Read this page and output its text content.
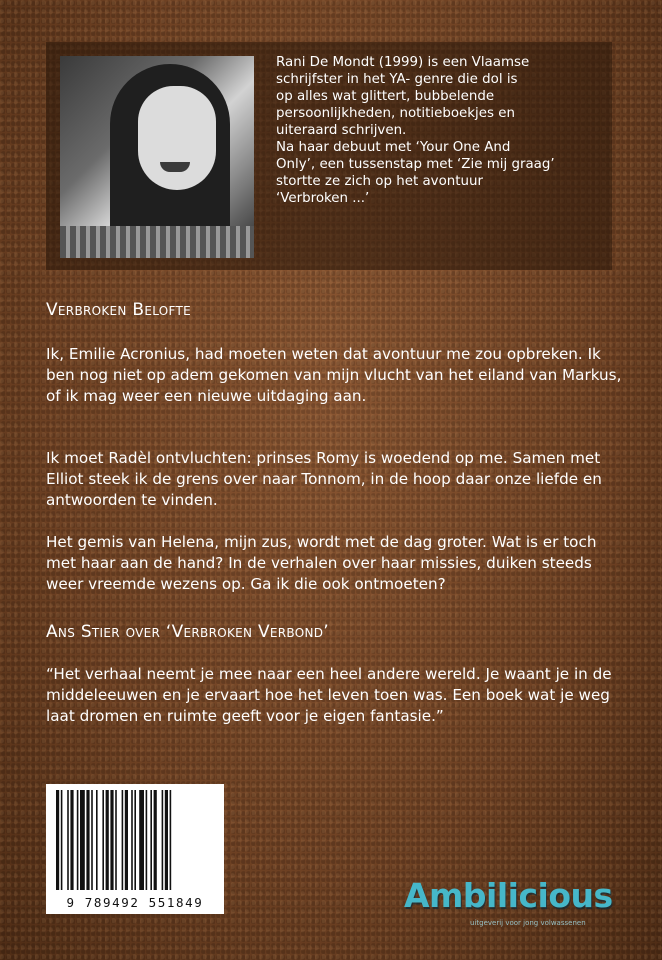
Rani De Mondt (1999) is een Vlaamse

schrijfster in het YA- genre die dol is

op alles wat glittert, bubbelende

persoonlijkheden, notitieboekjes en

uiteraard schrijven.

Na haar debuut met ‘Your One And

Only’, een tussenstap met ‘Zie mij graag’

stortte ze zich op het avontuur

‘Verbroken ...’

Verbroken Belofte

Ik, Emilie Acronius, had moeten weten dat avontuur me zou opbreken. Ik ben nog niet op adem gekomen van mijn vlucht van het eiland van Markus, of ik mag weer een nieuwe uitdaging aan.

Ik moet Radèl ontvluchten: prinses Romy is woedend op me. Samen met Elliot steek ik de grens over naar Tonnom, in de hoop daar onze liefde en antwoorden te vinden.

Het gemis van Helena, mijn zus, wordt met de dag groter. Wat is er toch met haar aan de hand? In de verhalen over haar missies, duiken steeds weer vreemde wezens op. Ga ik die ook ontmoeten?

Ans Stier over ‘Verbroken Verbond’

“Het verhaal neemt je mee naar een heel andere wereld. Je waant je in de middeleeuwen en je ervaart hoe het leven toen was. Een boek wat je weg laat dromen en ruimte geeft voor je eigen fantasie.”

9 789492 551849	Ambilicious
uitgeverij voor jong volwassenen
